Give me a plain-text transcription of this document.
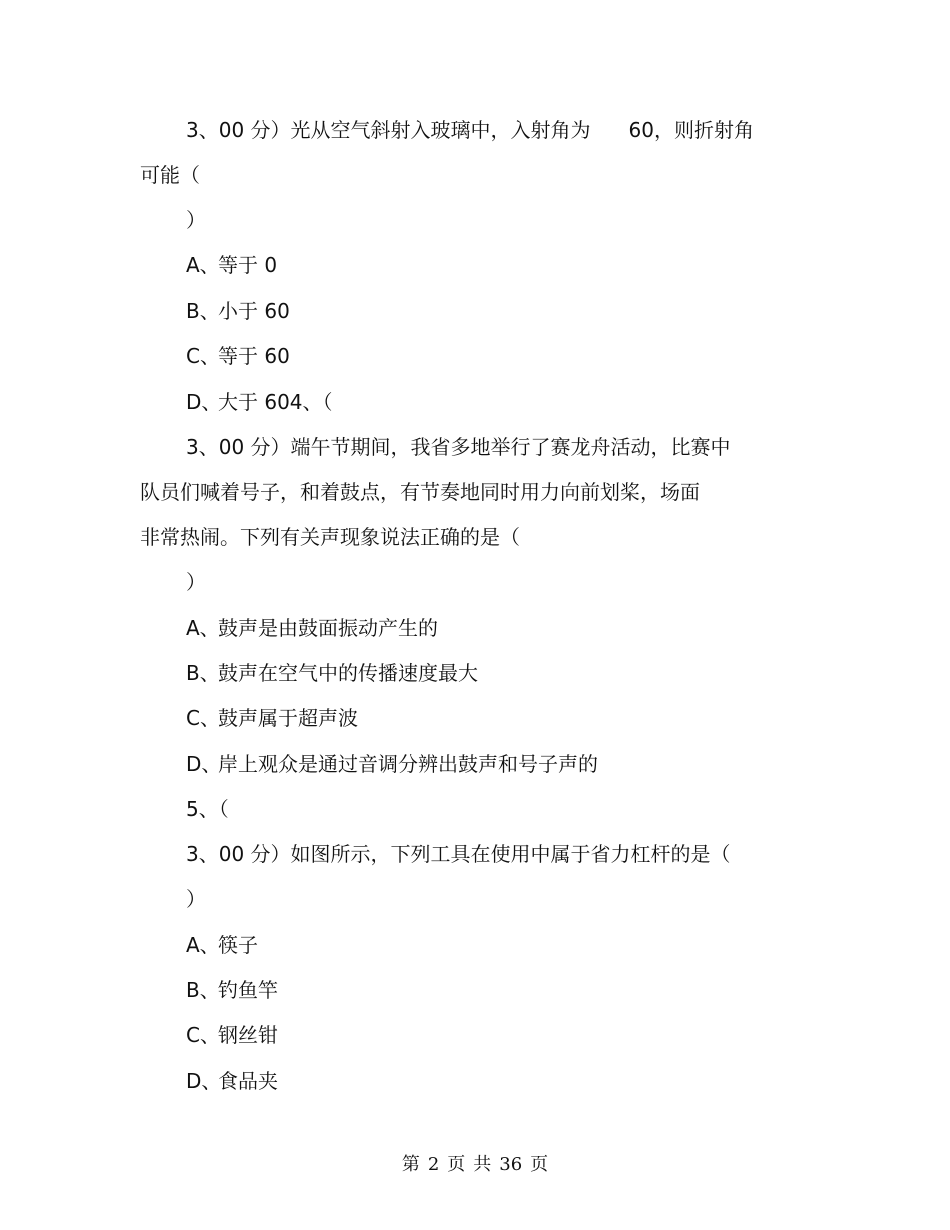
3、00 分）光从空气斜射入玻璃中，入射角为 60，则折射角
可能（
）
A、等于 0
B、小于 60
C、等于 60
D、大于 604、（
3、00 分）端午节期间，我省多地举行了赛龙舟活动，比赛中
队员们喊着号子，和着鼓点，有节奏地同时用力向前划桨，场面
非常热闹。下列有关声现象说法正确的是（
）
A、鼓声是由鼓面振动产生的
B、鼓声在空气中的传播速度最大
C、鼓声属于超声波
D、岸上观众是通过音调分辨出鼓声和号子声的
5、（
3、00 分）如图所示，下列工具在使用中属于省力杠杆的是（
）
A、筷子
B、钓鱼竿
C、钢丝钳
D、食品夹
第 2 页 共 36 页
